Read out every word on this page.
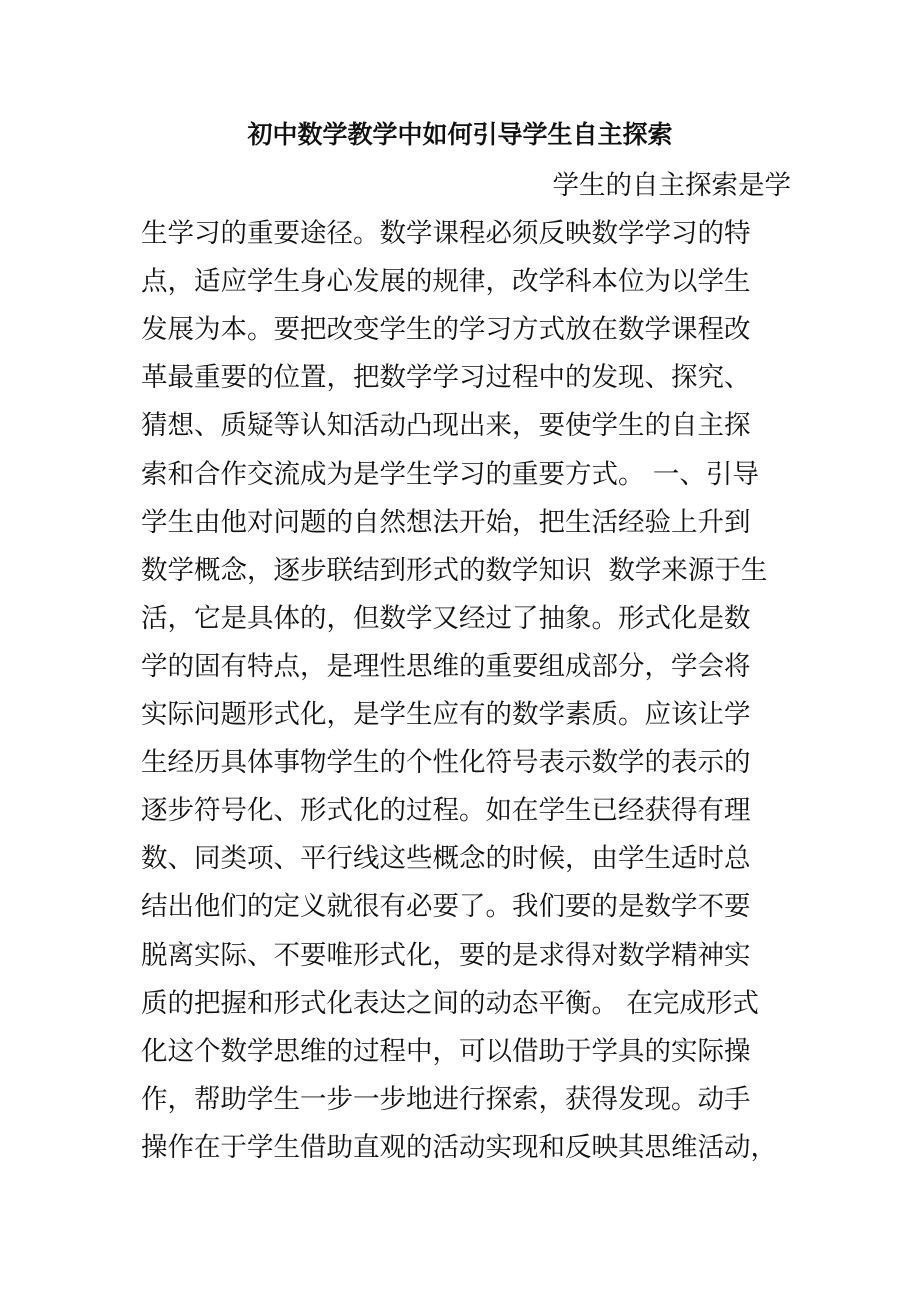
初中数学教学中如何引导学生自主探索
学生的自主探索是学
生学习的重要途径。数学课程必须反映数学学习的特
点，适应学生身心发展的规律，改学科本位为以学生
发展为本。要把改变学生的学习方式放在数学课程改
革最重要的位置，把数学学习过程中的发现、探究、
猜想、质疑等认知活动凸现出来，要使学生的自主探
索和合作交流成为是学生学习的重要方式。 一、引导
学生由他对问题的自然想法开始，把生活经验上升到
数学概念，逐步联结到形式的数学知识  数学来源于生
活，它是具体的，但数学又经过了抽象。形式化是数
学的固有特点，是理性思维的重要组成部分，学会将
实际问题形式化，是学生应有的数学素质。应该让学
生经历具体事物学生的个性化符号表示数学的表示的
逐步符号化、形式化的过程。如在学生已经获得有理
数、同类项、平行线这些概念的时候，由学生适时总
结出他们的定义就很有必要了。我们要的是数学不要
脱离实际、不要唯形式化，要的是求得对数学精神实
质的把握和形式化表达之间的动态平衡。 在完成形式
化这个数学思维的过程中，可以借助于学具的实际操
作，帮助学生一步一步地进行探索，获得发现。动手
操作在于学生借助直观的活动实现和反映其思维活动，
